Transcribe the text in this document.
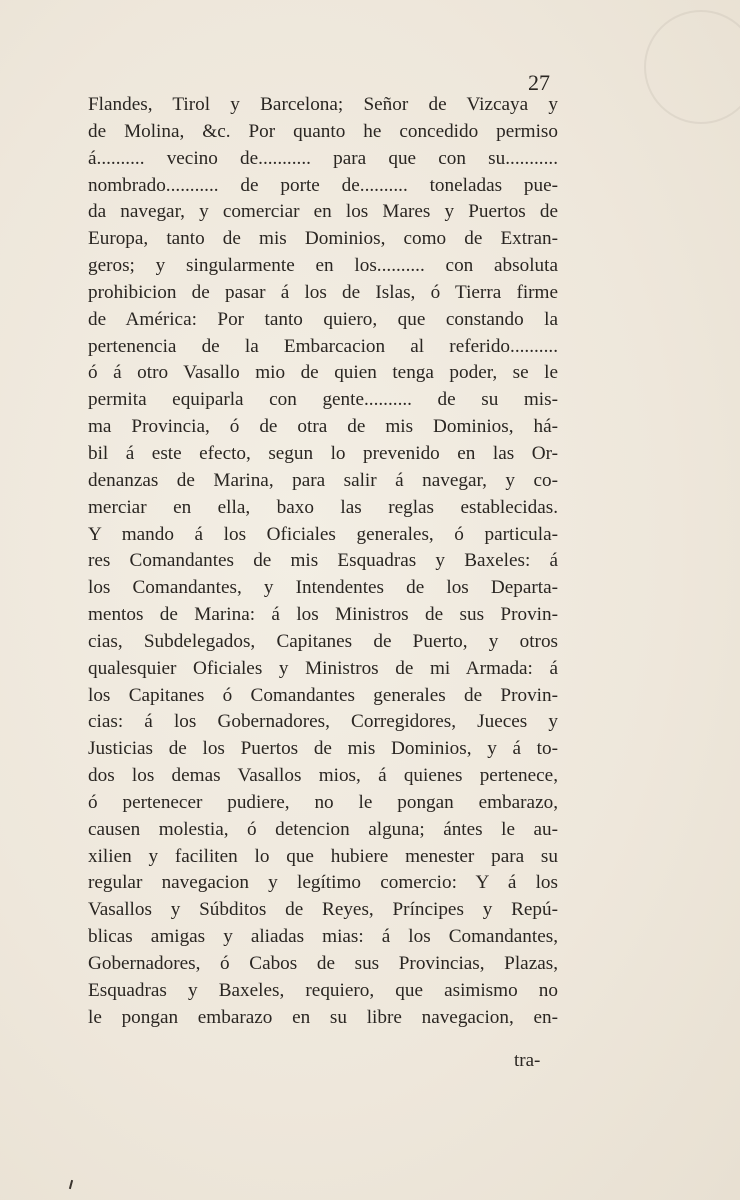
27
Flandes, Tirol y Barcelona; Señor de Vizcaya y
de Molina, &c. Por quanto he concedido permiso
á.......... vecino de........... para que con su...........
nombrado........... de porte de.......... toneladas pue-
da navegar, y comerciar en los Mares y Puertos de
Europa, tanto de mis Dominios, como de Extran-
geros; y singularmente en los.......... con absoluta
prohibicion de pasar á los de Islas, ó Tierra firme
de América: Por tanto quiero, que constando la
pertenencia de la Embarcacion al referido..........
ó á otro Vasallo mio de quien tenga poder, se le
permita equiparla con gente.......... de su mis-
ma Provincia, ó de otra de mis Dominios, há-
bil á este efecto, segun lo prevenido en las Or-
denanzas de Marina, para salir á navegar, y co-
merciar en ella, baxo las reglas establecidas.
Y mando á los Oficiales generales, ó particula-
res Comandantes de mis Esquadras y Baxeles: á
los Comandantes, y Intendentes de los Departa-
mentos de Marina: á los Ministros de sus Provin-
cias, Subdelegados, Capitanes de Puerto, y otros
qualesquier Oficiales y Ministros de mi Armada: á
los Capitanes ó Comandantes generales de Provin-
cias: á los Gobernadores, Corregidores, Jueces y
Justicias de los Puertos de mis Dominios, y á to-
dos los demas Vasallos mios, á quienes pertenece,
ó pertenecer pudiere, no le pongan embarazo,
causen molestia, ó detencion alguna; ántes le au-
xilien y faciliten lo que hubiere menester para su
regular navegacion y legítimo comercio: Y á los
Vasallos y Súbditos de Reyes, Príncipes y Repú-
blicas amigas y aliadas mias: á los Comandantes,
Gobernadores, ó Cabos de sus Provincias, Plazas,
Esquadras y Baxeles, requiero, que asimismo no
le pongan embarazo en su libre navegacion, en-
tra-
